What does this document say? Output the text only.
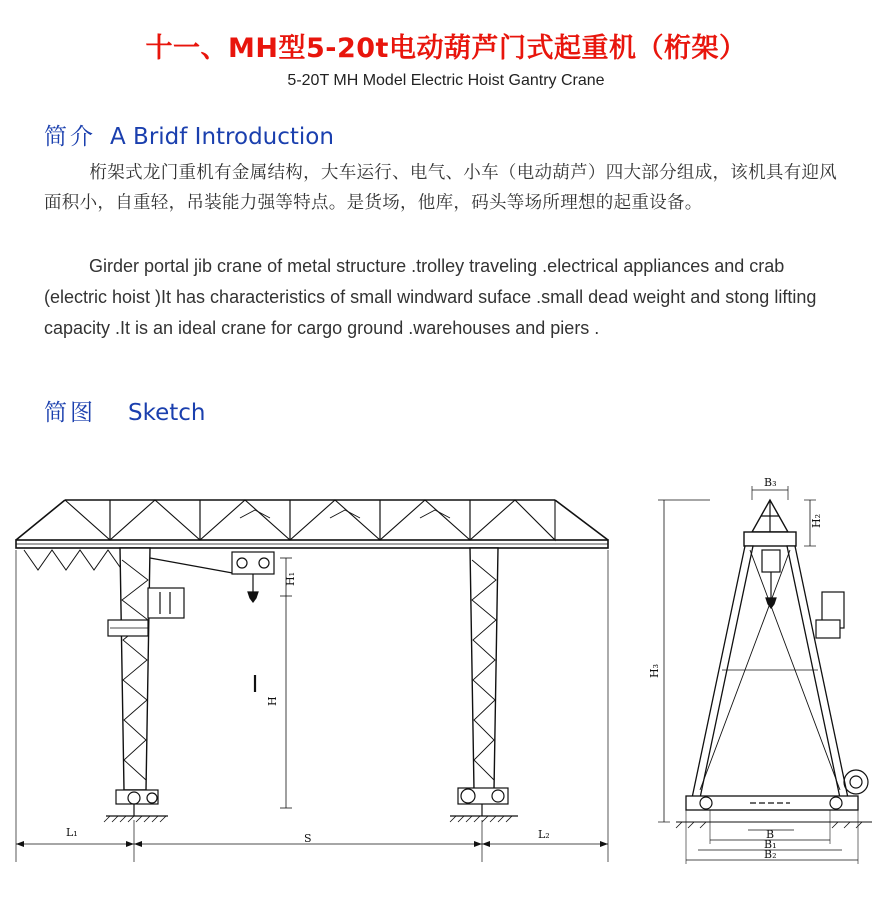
十一、MH型5-20t电动葫芦门式起重机（桁架）
5-20T MH Model Electric Hoist Gantry Crane
简介 A Bridf Introduction
桁架式龙门重机有金属结构，大车运行、电气、小车（电动葫芦）四大部分组成，该机具有迎风面积小，自重轻，吊装能力强等特点。是货场，他库，码头等场所理想的起重设备。
Girder portal jib crane of metal structure .trolley traveling .electrical appliances and crab (electric hoist )It has characteristics of small windward suface .small dead weight and stong lifting capacity .It is an ideal crane for cargo ground .warehouses and piers .
简图 Sketch
L₁	S	L₂
H
H₁
H₃
H₂
B₃
B
B₁
B₂
